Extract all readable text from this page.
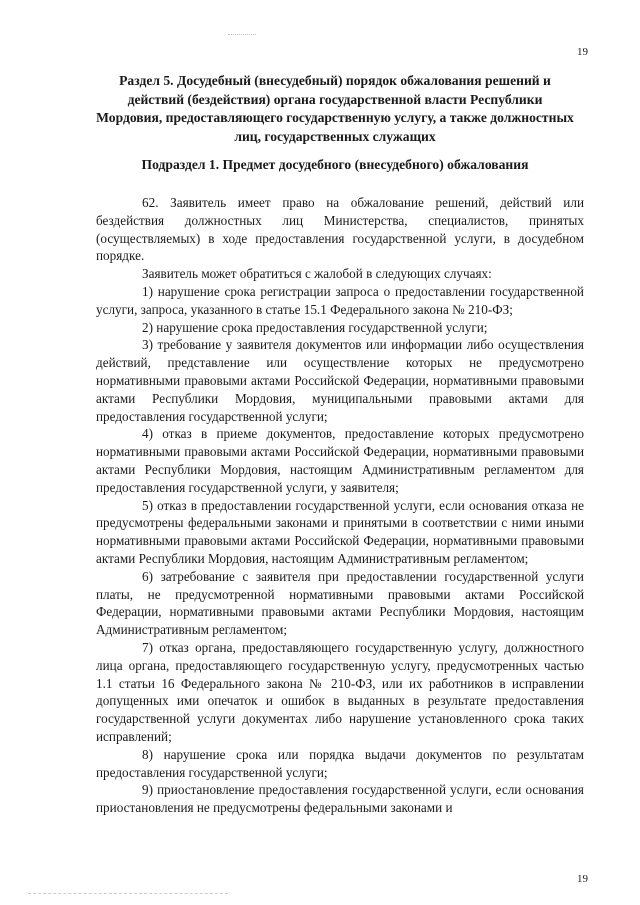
19
Раздел 5. Досудебный (внесудебный) порядок обжалования решений и действий (бездействия) органа государственной власти Республики Мордовия, предоставляющего государственную услугу, а также должностных лиц, государственных служащих
Подраздел 1. Предмет досудебного (внесудебного) обжалования

62. Заявитель имеет право на обжалование решений, действий или бездействия должностных лиц Министерства, специалистов, принятых (осуществляемых) в ходе предоставления государственной услуги, в досудебном порядке.

Заявитель может обратиться с жалобой в следующих случаях:

1) нарушение срока регистрации запроса о предоставлении государственной услуги, запроса, указанного в статье 15.1 Федерального закона № 210-ФЗ;

2) нарушение срока предоставления государственной услуги;

3) требование у заявителя документов или информации либо осуществления действий, представление или осуществление которых не предусмотрено нормативными правовыми актами Российской Федерации, нормативными правовыми актами Республики Мордовия, муниципальными правовыми актами для предоставления государственной услуги;

4) отказ в приеме документов, предоставление которых предусмотрено нормативными правовыми актами Российской Федерации, нормативными правовыми актами Республики Мордовия, настоящим Административным регламентом для предоставления государственной услуги, у заявителя;

5) отказ в предоставлении государственной услуги, если основания отказа не предусмотрены федеральными законами и принятыми в соответствии с ними иными нормативными правовыми актами Российской Федерации, нормативными правовыми актами Республики Мордовия, настоящим Административным регламентом;

6) затребование с заявителя при предоставлении государственной услуги платы, не предусмотренной нормативными правовыми актами Российской Федерации, нормативными правовыми актами Республики Мордовия, настоящим Административным регламентом;

7) отказ органа, предоставляющего государственную услугу, должностного лица органа, предоставляющего государственную услугу, предусмотренных частью 1.1 статьи 16 Федерального закона № 210-ФЗ, или их работников в исправлении допущенных ими опечаток и ошибок в выданных в результате предоставления государственной услуги документах либо нарушение установленного срока таких исправлений;

8) нарушение срока или порядка выдачи документов по результатам предоставления государственной услуги;

9) приостановление предоставления государственной услуги, если основания приостановления не предусмотрены федеральными законами и

19
